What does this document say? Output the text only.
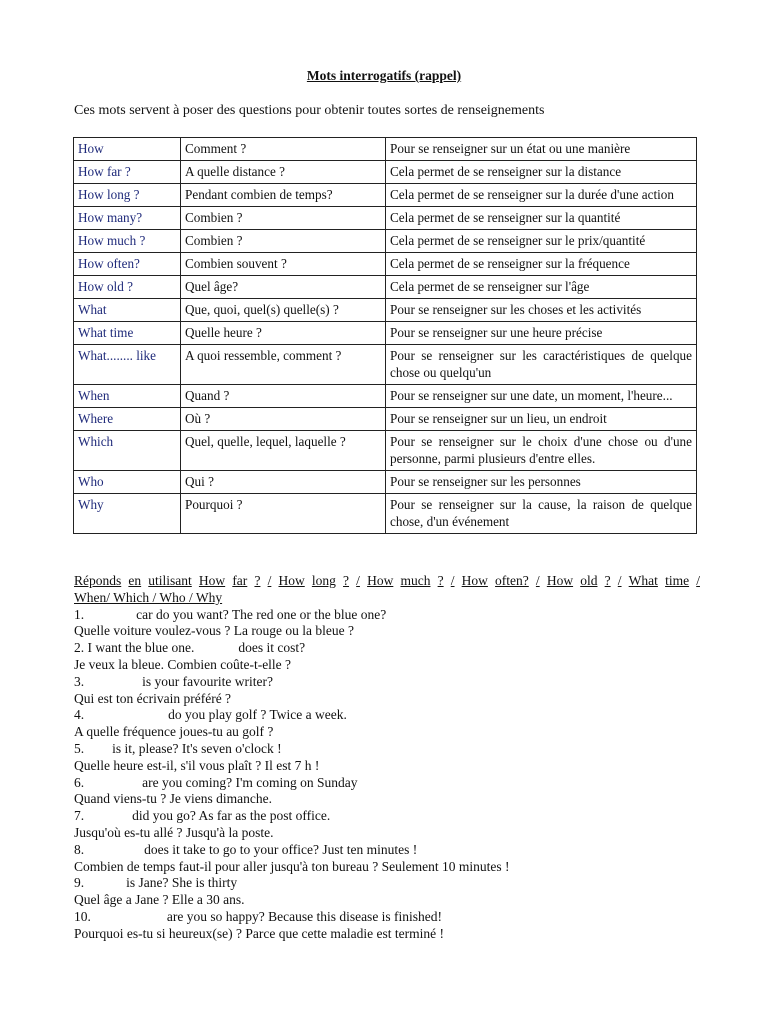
Mots interrogatifs (rappel)
Ces mots servent à poser des questions pour obtenir toutes sortes de renseignements
How	Comment ?	Pour se renseigner sur un état ou une manière
How far ?	A quelle distance ?	Cela permet de se renseigner sur la distance
How long ?	Pendant combien de temps?	Cela permet de se renseigner sur la durée d'une action
How many?	Combien ?	Cela permet de se renseigner sur la quantité
How much ?	Combien ?	Cela permet de se renseigner sur le prix/quantité
How often?	Combien souvent ?	Cela permet de se renseigner sur la fréquence
How old ?	Quel âge?	Cela permet de se renseigner sur l'âge
What	Que, quoi, quel(s) quelle(s) ?	Pour se renseigner sur les choses et les activités
What time	Quelle heure ?	Pour se renseigner sur une heure précise
What........ like	A quoi ressemble, comment ?	Pour se renseigner sur les caractéristiques de quelque chose ou quelqu'un
When	Quand ?	Pour se renseigner sur une date, un moment, l'heure...
Where	Où ?	Pour se renseigner sur un lieu, un endroit
Which	Quel, quelle, lequel, laquelle ?	Pour se renseigner sur le choix d'une chose ou d'une personne, parmi plusieurs d'entre elles.
Who	Qui ?	Pour se renseigner sur les personnes
Why	Pourquoi ?	Pour se renseigner sur la cause, la raison de quelque chose, d'un événement
Réponds en utilisant How far ? / How long ? / How much ? / How often? / How old ? / What time /
When/ Which / Who / Why
1.	car do you want? The red one or the blue one?
Quelle voiture voulez-vous ? La rouge ou la bleue ?
2. I want the blue one.	does it cost?
Je veux la bleue. Combien coûte-t-elle ?
3.	is your favourite writer?
Qui est ton écrivain préféré ?
4.	do you play golf ? Twice a week.
A quelle fréquence joues-tu au golf ?
5. is it, please? It's seven o'clock !
Quelle heure est-il, s'il vous plaît ? Il est 7 h !
6.	are you coming? I'm coming on Sunday
Quand viens-tu ? Je viens dimanche.
7.	did you go? As far as the post office.
Jusqu'où es-tu allé ? Jusqu'à la poste.
8.	does it take to go to your office? Just ten minutes !
Combien de temps faut-il pour aller jusqu'à ton bureau ? Seulement 10 minutes !
9.	is Jane? She is thirty
Quel âge a Jane ? Elle a 30 ans.
10.	are you so happy? Because this disease is finished!
Pourquoi es-tu si heureux(se) ? Parce que cette maladie est terminé !
